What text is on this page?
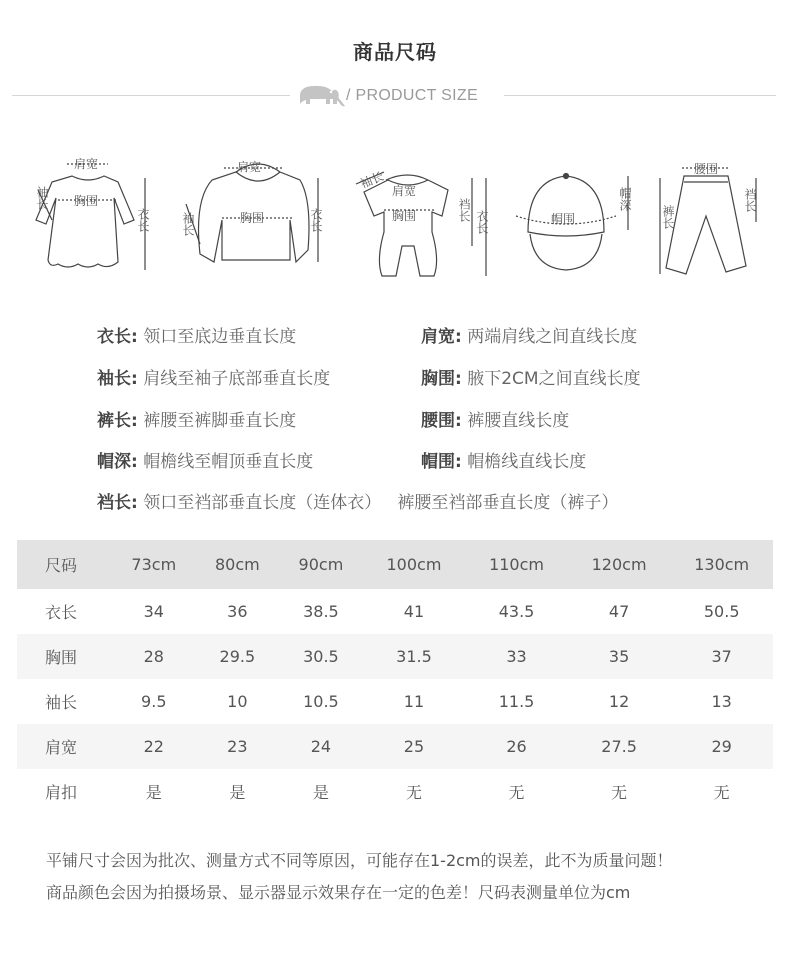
商品尺码
/ PRODUCT SIZE
肩宽
胸围
衣长
袖长
肩宽
胸围	衣长
袖长
袖长
肩宽
胸围	裆长 衣长	帽围
帽深
腰围
裤长
裆长
衣长: 领口至底边垂直长度	肩宽: 两端肩线之间直线长度
袖长: 肩线至袖子底部垂直长度	胸围: 腋下2CM之间直线长度
裤长: 裤腰至裤脚垂直长度	腰围: 裤腰直线长度
帽深: 帽檐线至帽顶垂直长度	帽围: 帽檐线直线长度
裆长: 领口至裆部垂直长度（连体衣）   裤腰至裆部垂直长度（裤子）
尺码	73cm	80cm	90cm	100cm	110cm	120cm	130cm
衣长	34	36	38.5	41	43.5	47	50.5
胸围	28	29.5	30.5	31.5	33	35	37
袖长	9.5	10	10.5	11	11.5	12	13
肩宽	22	23	24	25	26	27.5	29
肩扣	是	是	是	无	无	无	无
平铺尺寸会因为批次、测量方式不同等原因，可能存在1-2cm的误差，此不为质量问题！
商品颜色会因为拍摄场景、显示器显示效果存在一定的色差！尺码表测量单位为cm
